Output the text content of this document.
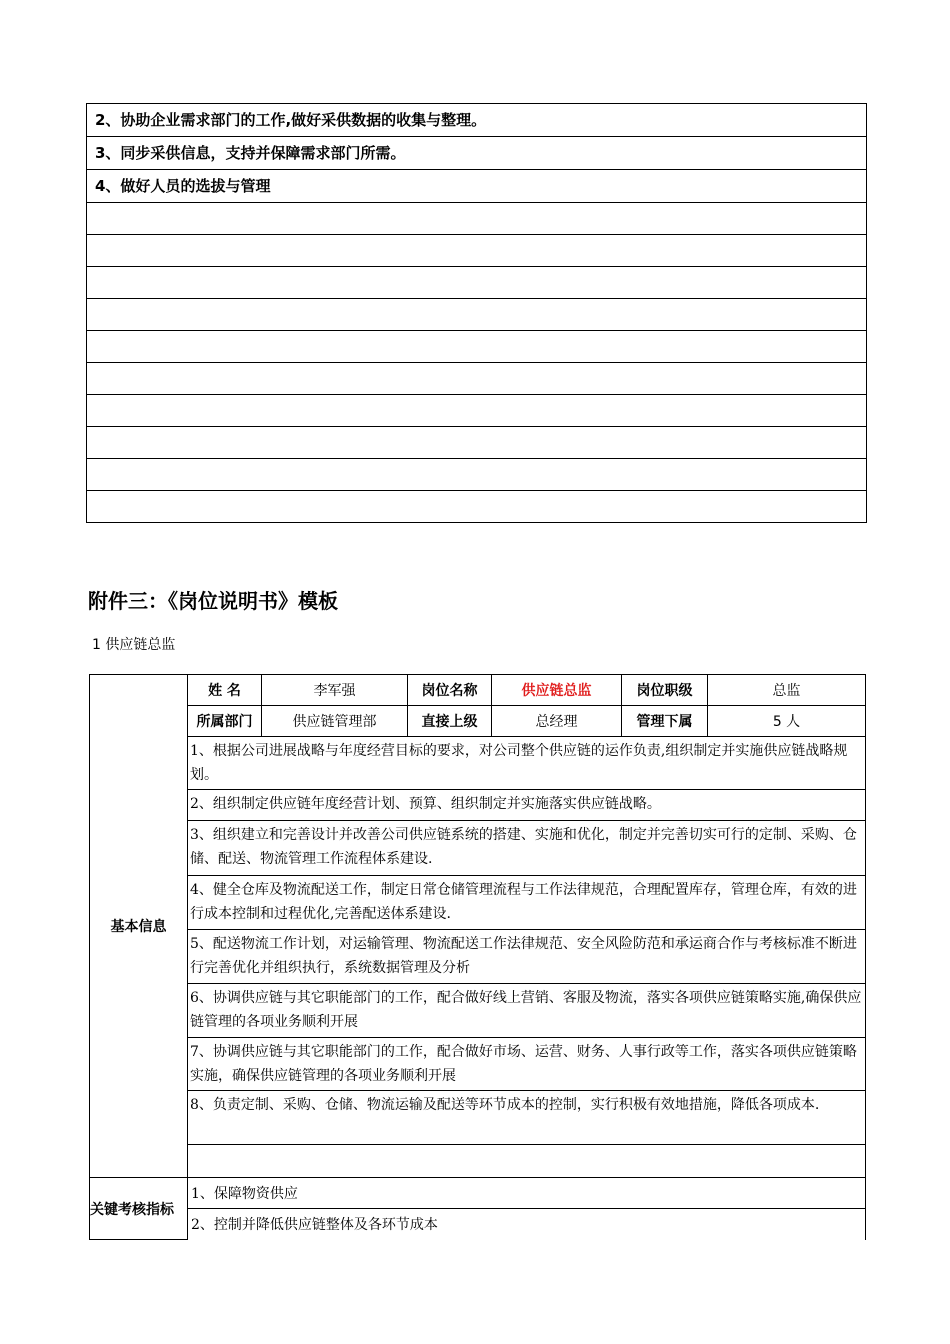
2、协助企业需求部门的工作,做好采供数据的收集与整理。
3、同步采供信息，支持并保障需求部门所需。
4、做好人员的选拔与管理

附件三：《岗位说明书》模板

1 供应链总监

基本信息	姓 名	李军强	岗位名称	供应链总监	岗位职级	总监
	所属部门	供应链管理部	直接上级	总经理	管理下属	5 人
	1、根据公司进展战略与年度经营目标的要求，对公司整个供应链的运作负责,组织制定并实施供应链战略规划。					
	2、组织制定供应链年度经营计划、预算、组织制定并实施落实供应链战略。					
	3、组织建立和完善设计并改善公司供应链系统的搭建、实施和优化，制定并完善切实可行的定制、采购、仓储、配送、物流管理工作流程体系建设.					
	4、健全仓库及物流配送工作，制定日常仓储管理流程与工作法律规范，合理配置库存，管理仓库，有效的进行成本控制和过程优化,完善配送体系建设.					
	5、配送物流工作计划，对运输管理、物流配送工作法律规范、安全风险防范和承运商合作与考核标准不断进行完善优化并组织执行，系统数据管理及分析					
	6、协调供应链与其它职能部门的工作，配合做好线上营销、客服及物流，落实各项供应链策略实施,确保供应链管理的各项业务顺利开展					
	7、协调供应链与其它职能部门的工作，配合做好市场、运营、财务、人事行政等工作，落实各项供应链策略实施，确保供应链管理的各项业务顺利开展					
	8、负责定制、采购、仓储、物流运输及配送等环节成本的控制，实行积极有效地措施，降低各项成本.					

关键考核指标	1、保障物资供应					
	2、控制并降低供应链整体及各环节成本					
